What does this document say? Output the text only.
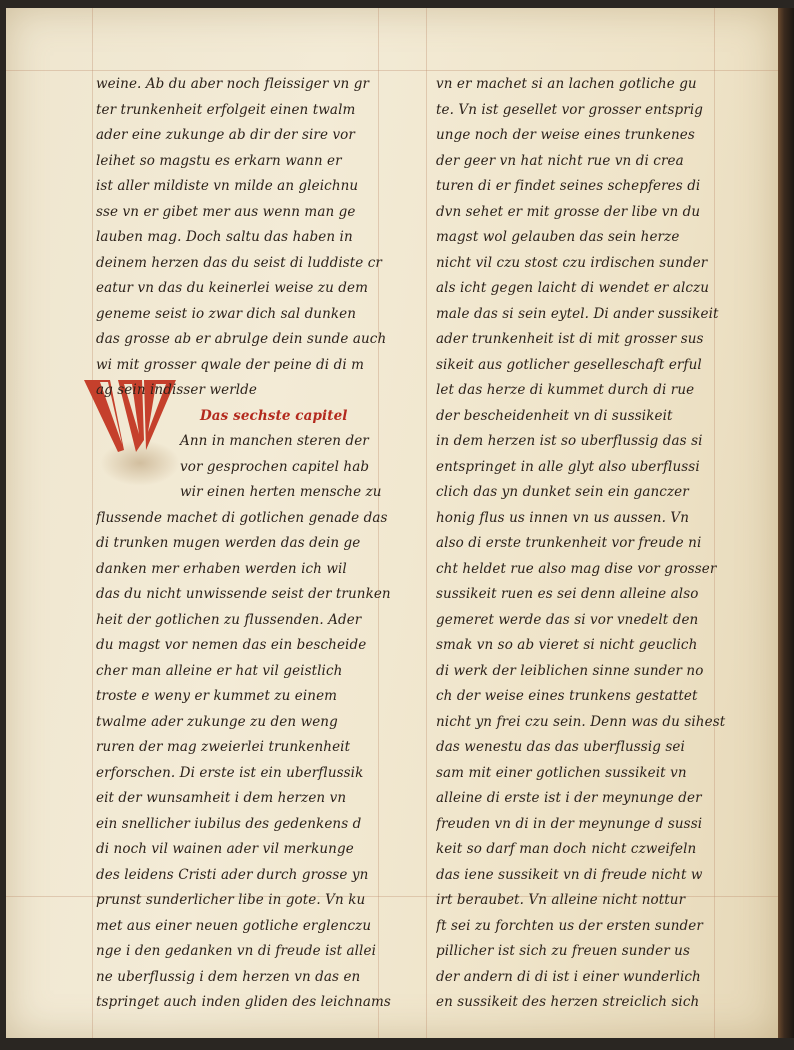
weine. Ab du aber noch fleissiger vn gr
ter trunkenheit erfolgeit einen twalm
ader eine zukunge ab dir der sire vor
leihet so magstu es erkarn wann er
ist aller mildiste vn milde an gleichnu
sse vn er gibet mer aus wenn man ge
lauben mag. Doch saltu das haben in
deinem herzen das du seist di luddiste cr
eatur vn das du keinerlei weise zu dem
geneme seist io zwar dich sal dunken
das grosse ab er abrulge dein sunde auch
wi mit grosser qwale der peine di di m
ag sein indisser werlde
Das sechste capitel
Ann in manchen steren der
vor gesprochen capitel hab
wir einen herten mensche zu
flussende machet di gotlichen genade das
di trunken mugen werden das dein ge
danken mer erhaben werden ich wil
das du nicht unwissende seist der trunken
heit der gotlichen zu flussenden. Ader
du magst vor nemen das ein bescheide
cher man alleine er hat vil geistlich
troste e weny er kummet zu einem
twalme ader zukunge zu den weng
ruren der mag zweierlei trunkenheit
erforschen. Di erste ist ein uberflussik
eit der wunsamheit i dem herzen vn
ein snellicher iubilus des gedenkens d
di noch vil wainen ader vil merkunge
des leidens Cristi ader durch grosse yn
prunst sunderlicher libe in gote. Vn ku
met aus einer neuen gotliche erglenczu
nge i den gedanken vn di freude ist allei
ne uberflussig i dem herzen vn das en
tspringet auch inden gliden des leichnams
vn er machet si an lachen gotliche gu
te. Vn ist gesellet vor grosser entsprig
unge noch der weise eines trunkenes
der geer vn hat nicht rue vn di crea
turen di er findet seines schepferes di
dvn sehet er mit grosse der libe vn du
magst wol gelauben das sein herze
nicht vil czu stost czu irdischen sunder
als icht gegen laicht di wendet er alczu
male das si sein eytel. Di ander sussikeit
ader trunkenheit ist di mit grosser sus
sikeit aus gotlicher geselleschaft erful
let das herze di kummet durch di rue
der bescheidenheit vn di sussikeit
in dem herzen ist so uberflussig das si
entspringet in alle glyt also uberflussi
clich das yn dunket sein ein ganczer
honig flus us innen vn us aussen. Vn
also di erste trunkenheit vor freude ni
cht heldet rue also mag dise vor grosser
sussikeit ruen es sei denn alleine also
gemeret werde das si vor vnedelt den
smak vn so ab vieret si nicht geuclich
di werk der leiblichen sinne sunder no
ch der weise eines trunkens gestattet
nicht yn frei czu sein. Denn was du sihest
das wenestu das das uberflussig sei
sam mit einer gotlichen sussikeit vn
alleine di erste ist i der meynunge der
freuden vn di in der meynunge d sussi
keit so darf man doch nicht czweifeln
das iene sussikeit vn di freude nicht w
irt beraubet. Vn alleine nicht nottur
ft sei zu forchten us der ersten sunder
pillicher ist sich zu freuen sunder us
der andern di di ist i einer wunderlich
en sussikeit des herzen streiclich sich
